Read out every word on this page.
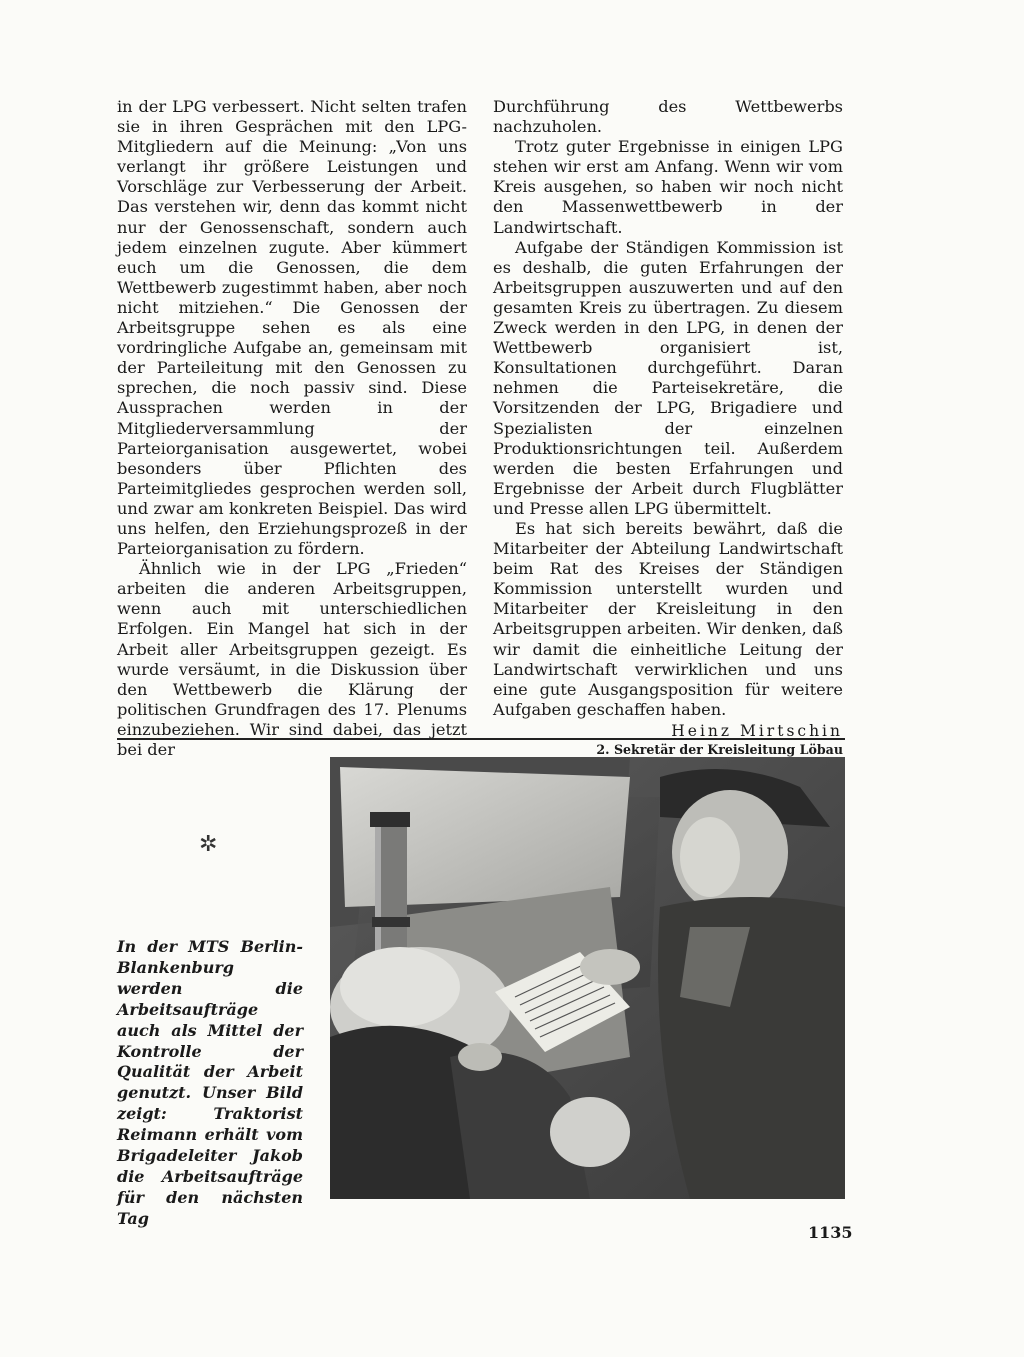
in der LPG verbessert. Nicht selten trafen sie in ihren Gesprächen mit den LPG-Mitgliedern auf die Meinung: „Von uns verlangt ihr größere Leistungen und Vorschläge zur Verbesserung der Arbeit. Das verstehen wir, denn das kommt nicht nur der Genossenschaft, sondern auch jedem einzelnen zugute. Aber kümmert euch um die Genossen, die dem Wettbewerb zugestimmt haben, aber noch nicht mitziehen.“ Die Genossen der Arbeitsgruppe sehen es als eine vordringliche Aufgabe an, gemeinsam mit der Parteileitung mit den Genossen zu sprechen, die noch passiv sind. Diese Aussprachen werden in der Mitgliederversammlung der Parteiorganisation ausgewertet, wobei besonders über Pflichten des Parteimitgliedes gesprochen werden soll, und zwar am konkreten Beispiel. Das wird uns helfen, den Erziehungsprozeß in der Parteiorganisation zu fördern.

Ähnlich wie in der LPG „Frieden“ arbeiten die anderen Arbeitsgruppen, wenn auch mit unterschiedlichen Erfolgen. Ein Mangel hat sich in der Arbeit aller Arbeitsgruppen gezeigt. Es wurde versäumt, in die Diskussion über den Wettbewerb die Klärung der politischen Grundfragen des 17. Plenums einzubeziehen. Wir sind dabei, das jetzt bei der

Durchführung des Wettbewerbs nachzuholen.

Trotz guter Ergebnisse in einigen LPG stehen wir erst am Anfang. Wenn wir vom Kreis ausgehen, so haben wir noch nicht den Massenwettbewerb in der Landwirtschaft.

Aufgabe der Ständigen Kommission ist es deshalb, die guten Erfahrungen der Arbeitsgruppen auszuwerten und auf den gesamten Kreis zu übertragen. Zu diesem Zweck werden in den LPG, in denen der Wettbewerb organisiert ist, Konsultationen durchgeführt. Daran nehmen die Parteisekretäre, die Vorsitzenden der LPG, Brigadiere und Spezialisten der einzelnen Produktionsrichtungen teil. Außerdem werden die besten Erfahrungen und Ergebnisse der Arbeit durch Flugblätter und Presse allen LPG übermittelt.

Es hat sich bereits bewährt, daß die Mitarbeiter der Abteilung Landwirtschaft beim Rat des Kreises der Ständigen Kommission unterstellt wurden und Mitarbeiter der Kreisleitung in den Arbeitsgruppen arbeiten. Wir denken, daß wir damit die einheitliche Leitung der Landwirtschaft verwirklichen und uns eine gute Ausgangsposition für weitere Aufgaben geschaffen haben.

Heinz Mirtschin
2. Sekretär der Kreisleitung Löbau
✲
In der MTS Berlin-Blankenburg werden die Arbeitsaufträge auch als Mittel der Kontrolle der Qualität der Arbeit genutzt. Unser Bild zeigt: Traktorist Reimann erhält vom Brigadeleiter Jakob die Arbeitsaufträge für den nächsten Tag
1135
